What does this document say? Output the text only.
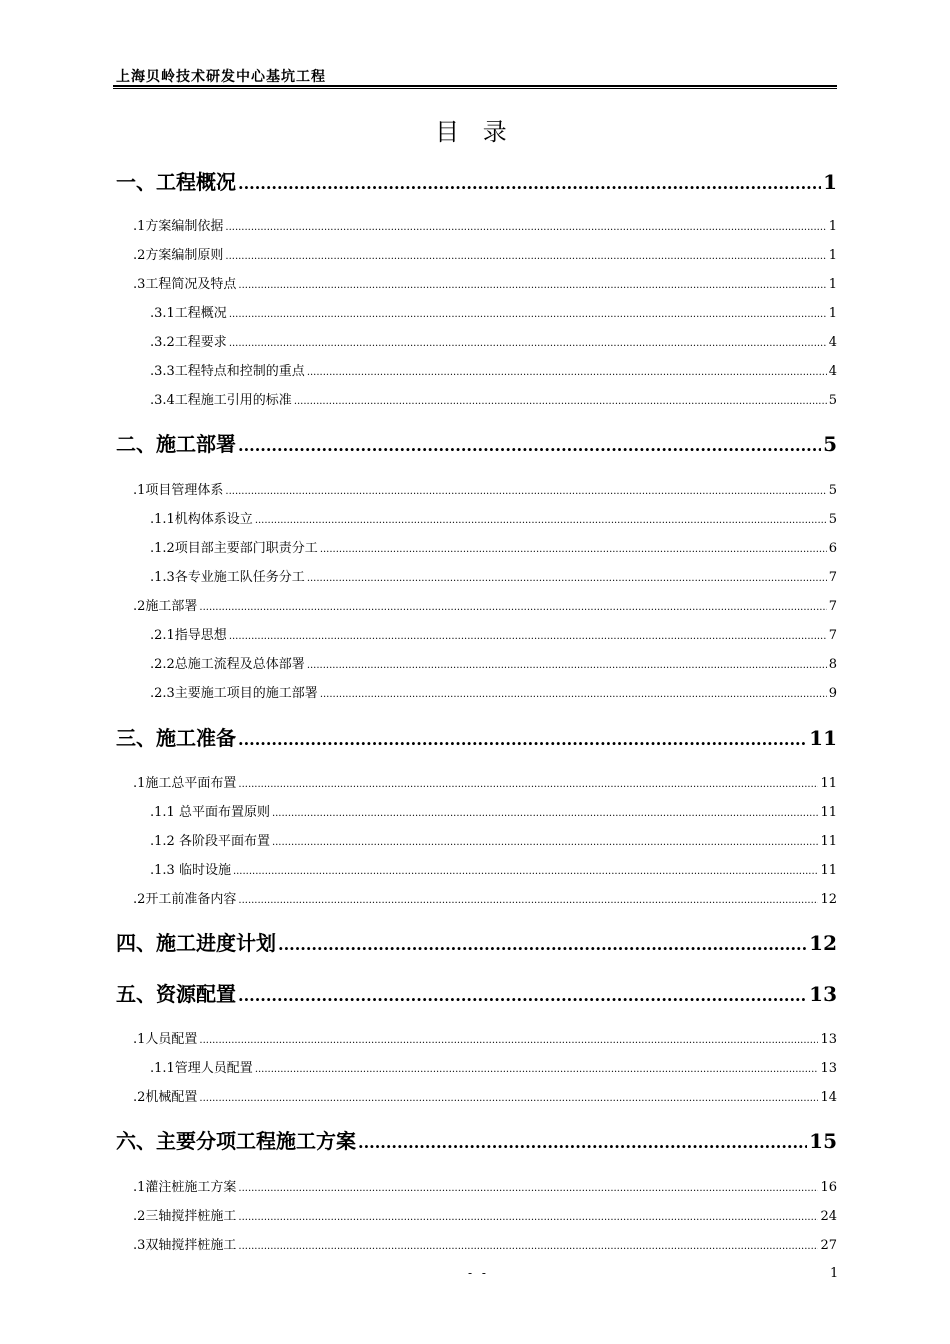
上海贝岭技术研发中心基坑工程
目 录
一、工程概况 .....	1
.1方案编制依据 .....	1
.2方案编制原则 .....	1
.3工程简况及特点 .....	1
.3.1工程概况 .....	1
.3.2工程要求 .....	4
.3.3工程特点和控制的重点 .....	4
.3.4工程施工引用的标准 .....	5
二、施工部署 .....	5
.1项目管理体系 .....	5
.1.1机构体系设立 .....	5
.1.2项目部主要部门职责分工 .....	6
.1.3各专业施工队任务分工 .....	7
.2施工部署 .....	7
.2.1指导思想 .....	7
.2.2总施工流程及总体部署 .....	8
.2.3主要施工项目的施工部署 .....	9
三、施工准备 .....	11
.1施工总平面布置 .....	11
.1.1 总平面布置原则 .....	11
.1.2 各阶段平面布置 .....	11
.1.3 临时设施 .....	11
.2开工前准备内容 .....	12
四、施工进度计划 .....	12
五、资源配置 .....	13
.1人员配置 .....	13
.1.1管理人员配置 .....	13
.2机械配置 .....	14
六、主要分项工程施工方案 .....	15
.1灌注桩施工方案 .....	16
.2三轴搅拌桩施工 .....	24
.3双轴搅拌桩施工 .....	27
- -	1
